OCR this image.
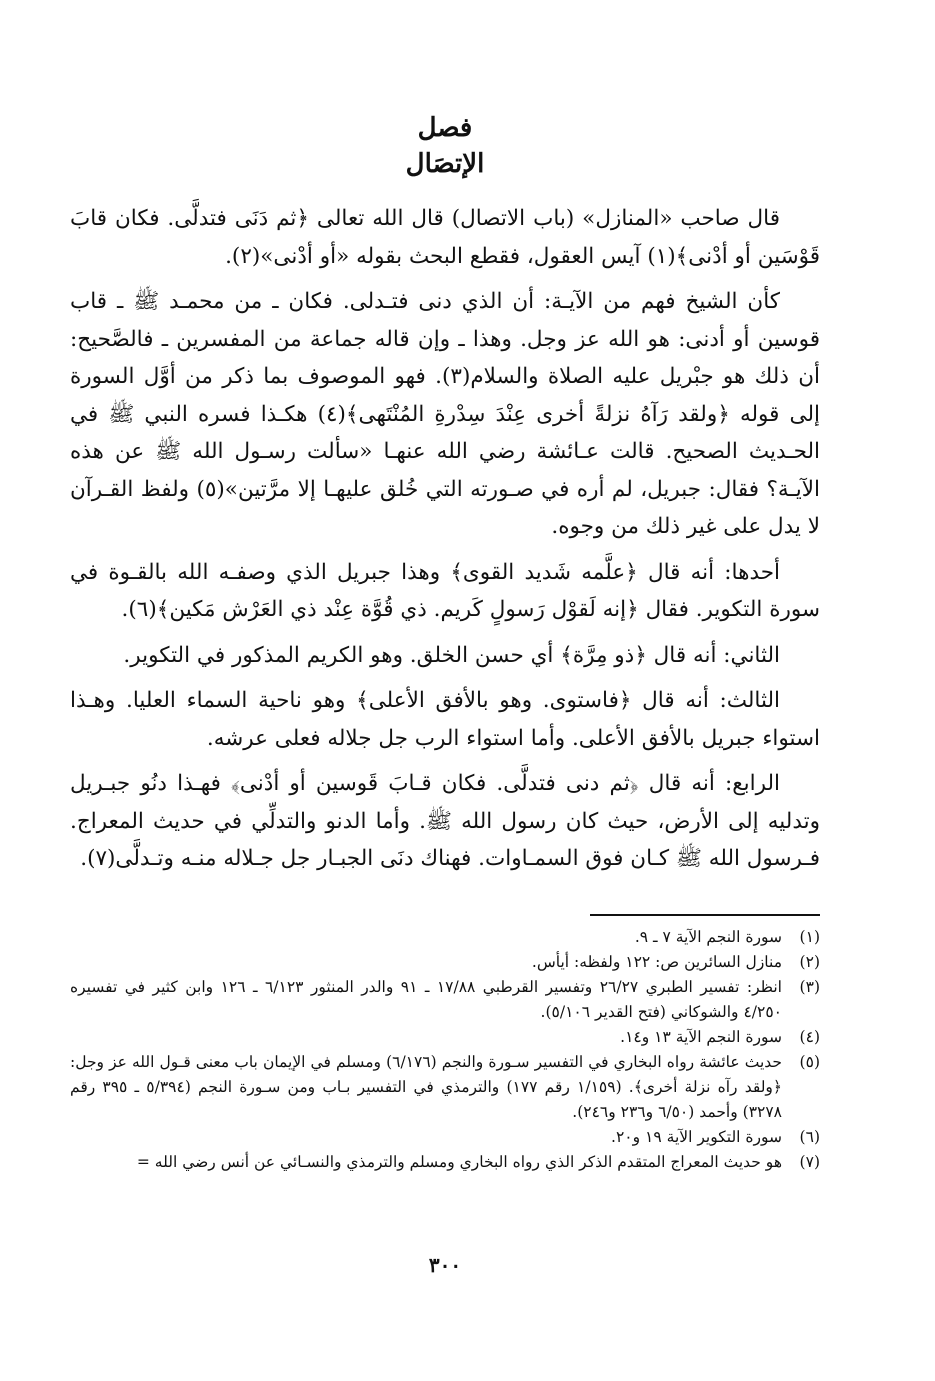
فصل
الإتصَال

قال صاحب «المنازل» (باب الاتصال) قال الله تعالى ﴿ثم دَنَى فتدلَّى. فكان قابَ قَوْسَين أو أدْنى﴾(١) آيس العقول، فقطع البحث بقوله «أو أدْنى»(٢).

كأن الشيخ فهم من الآيـة: أن الذي دنى فتـدلى. فكان ـ من محمـد ﷺ ـ قاب قوسين أو أدنى: هو الله عز وجل. وهذا ـ وإن قاله جماعة من المفسرين ـ فالصَّحيح: أن ذلك هو جبْريل عليه الصلاة والسلام(٣). فهو الموصوف بما ذكر من أوَّل السورة إلى قوله ﴿ولقد رَآهُ نزلةً أخرى عِنْدَ سِدْرةِ المُنْتَهى﴾(٤) هكـذا فسره النبي ﷺ في الحـديث الصحيح. قالت عـائشة رضي الله عنهـا «سألت رسـول الله ﷺ عن هذه الآيـة؟ فقال: جبريل، لم أره في صـورته التي خُلق عليهـا إلا مرَّتين»(٥) ولفظ القـرآن لا يدل على غير ذلك من وجوه.

أحدها: أنه قال ﴿علَّمه شَديد القوى﴾ وهذا جبريل الذي وصفـه الله بالقـوة في سورة التكوير. فقال ﴿إنه لَقوْل رَسولٍ كَريم. ذي قُوَّة عِنْد ذي العَرْش مَكين﴾(٦).

الثاني: أنه قال ﴿ذو مِرَّة﴾ أي حسن الخلق. وهو الكريم المذكور في التكوير.

الثالث: أنه قال ﴿فاستوى. وهو بالأفق الأعلى﴾ وهو ناحية السماء العليا. وهـذا استواء جبريل بالأفق الأعلى. وأما استواء الرب جل جلاله فعلى عرشه.

الرابع: أنه قال ﴿ثم دنى فتدلَّى. فكان قـابَ قَوسين أو أدْنى﴾ فهـذا دنُو جبـريل وتدليه إلى الأرض، حيث كان رسول الله ﷺ. وأما الدنو والتدلِّي في حديث المعراج. فـرسول الله ﷺ كـان فوق السمـاوات. فهناك دنَى الجبـار جل جـلاله منـه وتـدلَّى(٧).

(١)
سورة النجم الآية ٧ ـ ٩.
(٢)
منازل السائرين ص: ١٢٢ ولفظه: أيأس.
(٣)
انظر: تفسير الطبري ٢٦/٢٧ وتفسير القرطبي ١٧/٨٨ ـ ٩١ والدر المنثور ٦/١٢٣ ـ ١٢٦ وابن كثير في تفسيره ٤/٢٥٠ والشوكاني (فتح القدير ٥/١٠٦).
(٤)
سورة النجم الآية ١٣ و١٤.
(٥)
حديث عائشة رواه البخاري في التفسير سـورة والنجم (٦/١٧٦) ومسلم في الإيمان باب معنى قـول الله عز وجل: ﴿ولقد رآه نزلة أخرى﴾. (١/١٥٩ رقم ١٧٧) والترمذي في التفسير بـاب ومن سـورة النجم (٥/٣٩٤ ـ ٣٩٥ رقم ٣٢٧٨) وأحمد (٦/٥٠ و٢٣٦ و٢٤٦).
(٦)
سورة التكوير الآية ١٩ و٢٠.
(٧)
هو حديث المعراج المتقدم الذكر الذي رواه البخاري ومسلم والترمذي والنسـائي عن أنس رضي الله =
٣٠٠
